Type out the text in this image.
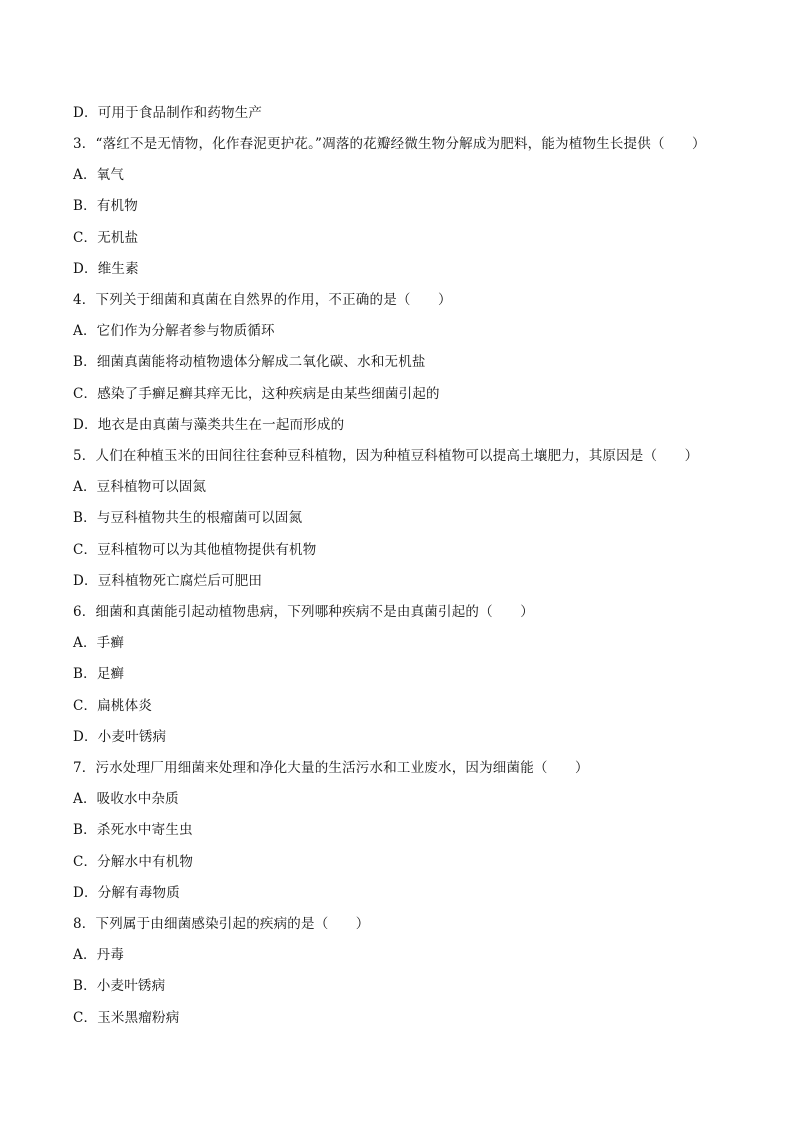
D．可用于食品制作和药物生产
3．“落红不是无情物，化作春泥更护花。”凋落的花瓣经微生物分解成为肥料，能为植物生长提供（　　）
A．氧气
B．有机物
C．无机盐
D．维生素
4．下列关于细菌和真菌在自然界的作用，不正确的是（　　）
A．它们作为分解者参与物质循环
B．细菌真菌能将动植物遗体分解成二氧化碳、水和无机盐
C．感染了手癣足癣其痒无比，这种疾病是由某些细菌引起的
D．地衣是由真菌与藻类共生在一起而形成的
5．人们在种植玉米的田间往往套种豆科植物，因为种植豆科植物可以提高土壤肥力，其原因是（　　）
A．豆科植物可以固氮
B．与豆科植物共生的根瘤菌可以固氮
C．豆科植物可以为其他植物提供有机物
D．豆科植物死亡腐烂后可肥田
6．细菌和真菌能引起动植物患病，下列哪种疾病不是由真菌引起的（　　）
A．手癣
B．足癣
C．扁桃体炎
D．小麦叶锈病
7．污水处理厂用细菌来处理和净化大量的生活污水和工业废水，因为细菌能（　　）
A．吸收水中杂质
B．杀死水中寄生虫
C．分解水中有机物
D．分解有毒物质
8．下列属于由细菌感染引起的疾病的是（　　）
A．丹毒
B．小麦叶锈病
C．玉米黑瘤粉病
